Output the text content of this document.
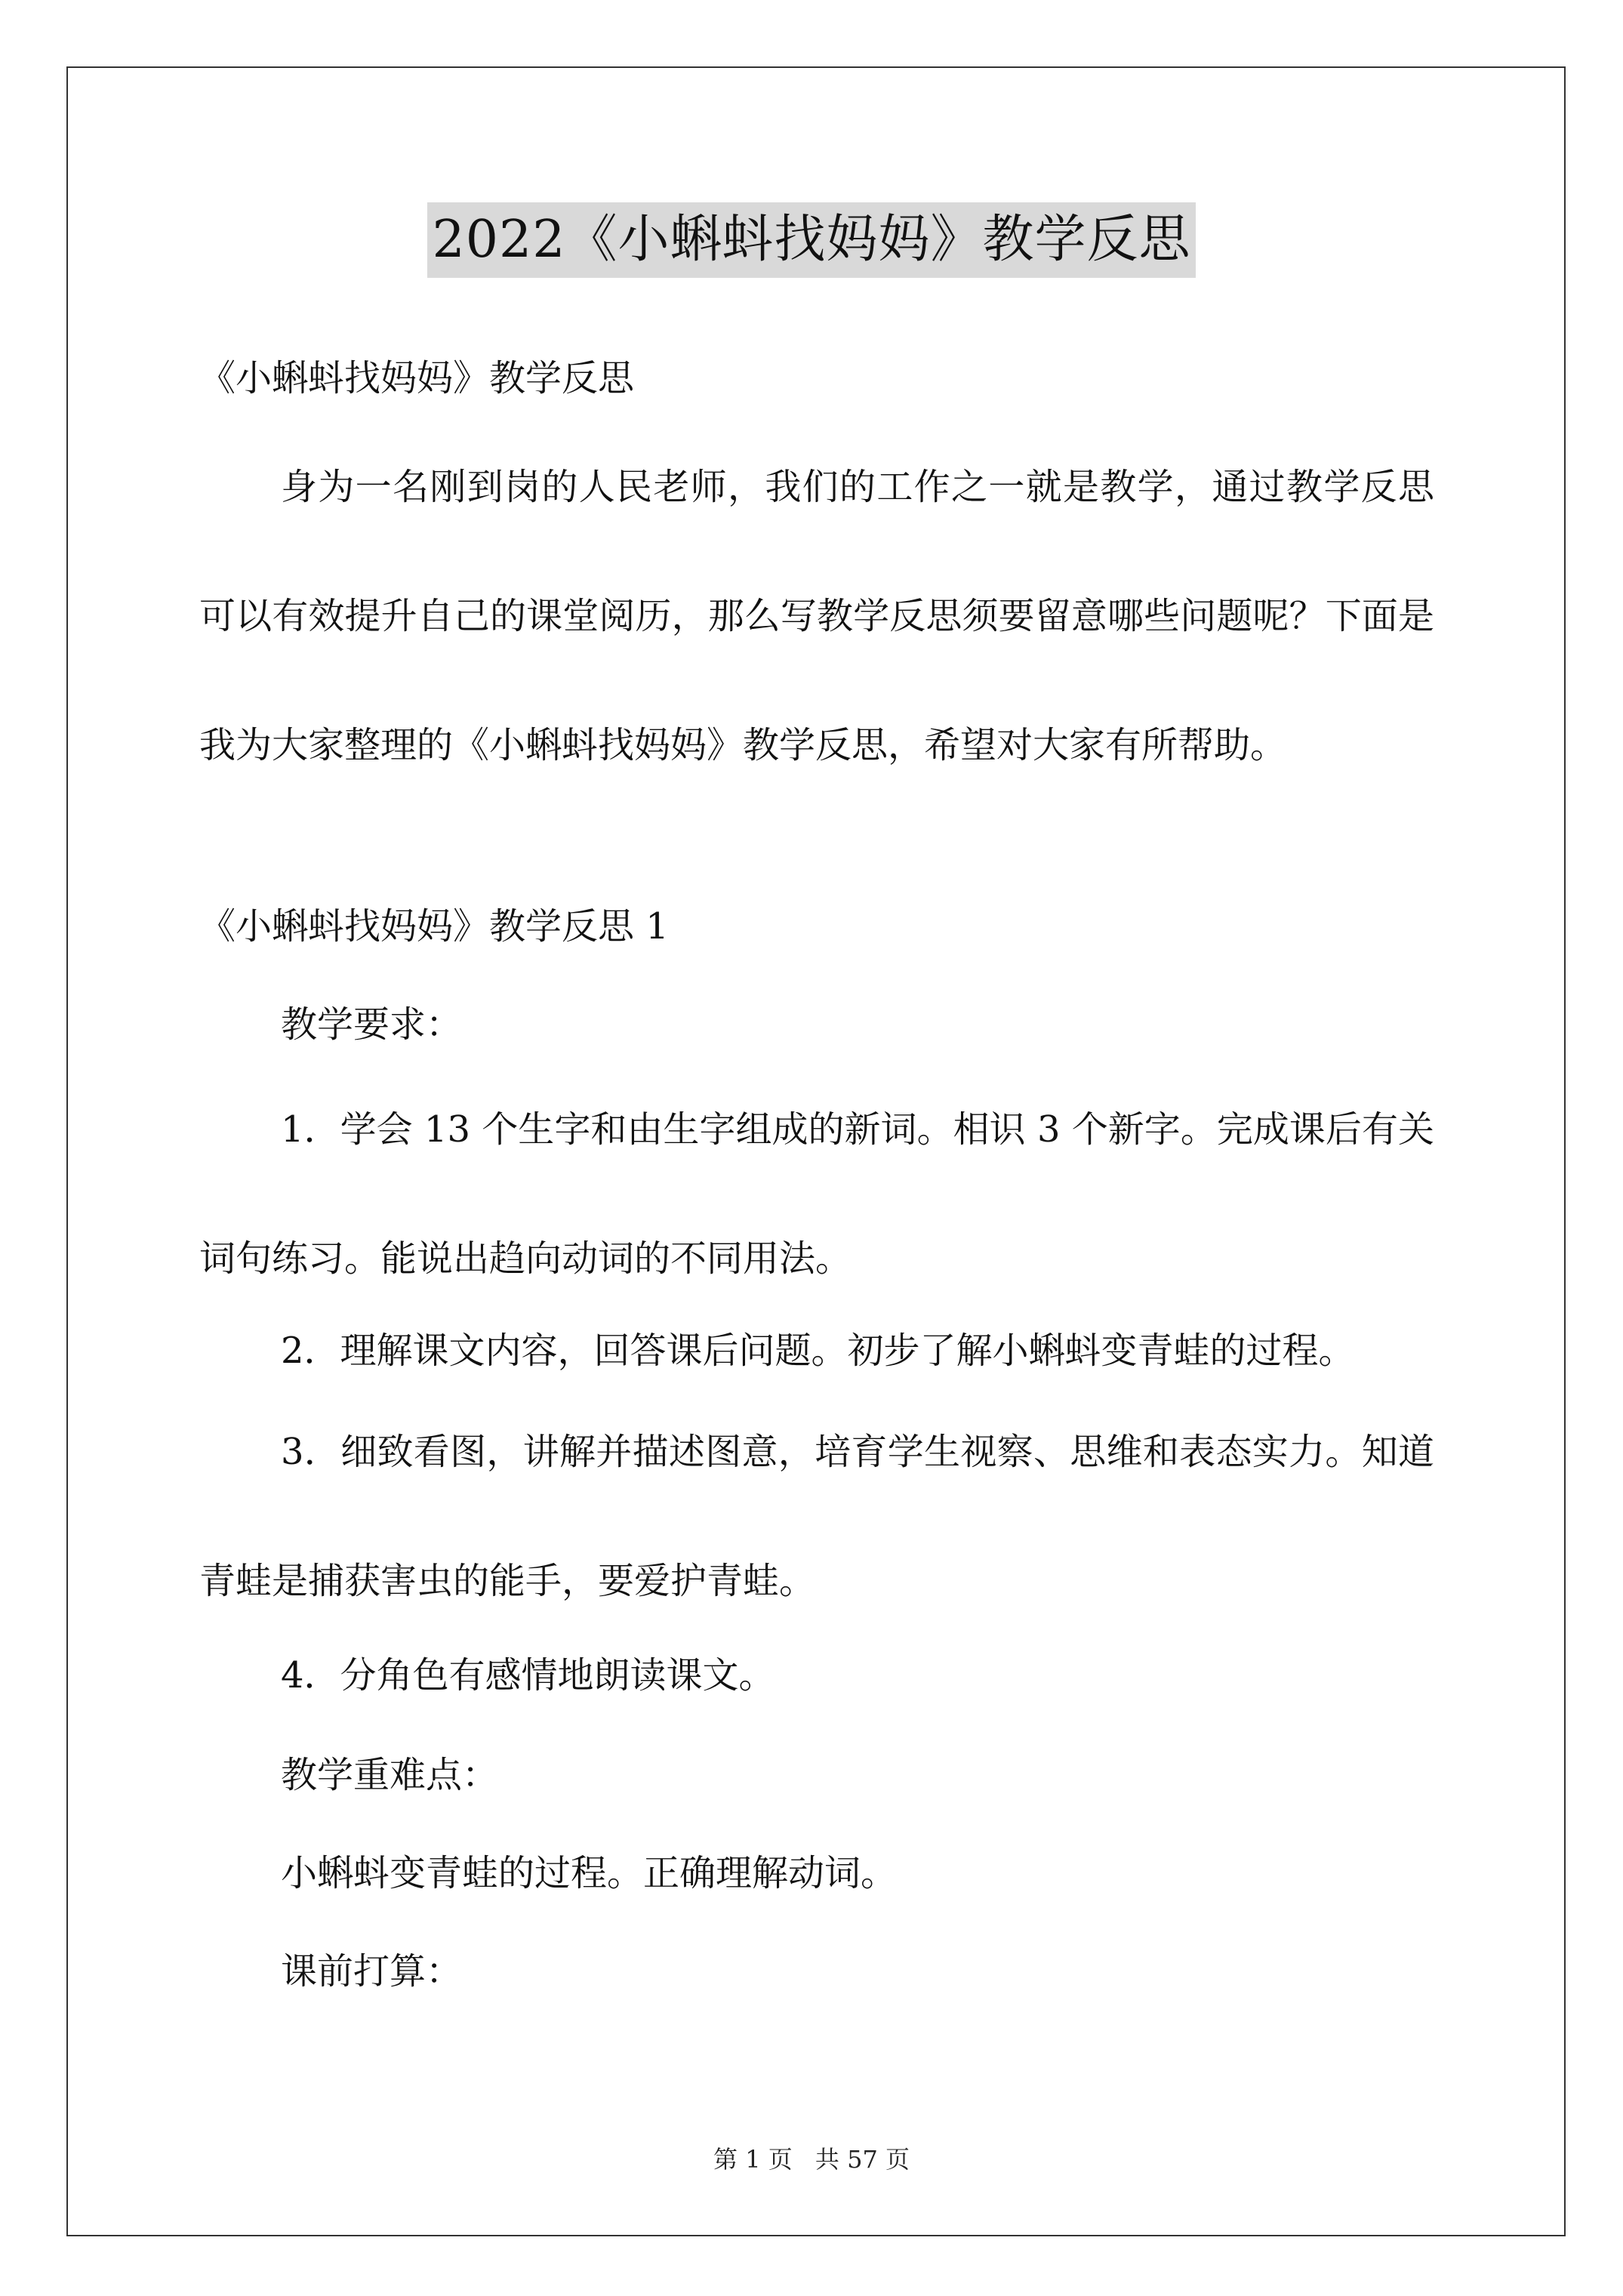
2022《小蝌蚪找妈妈》教学反思

《小蝌蚪找妈妈》教学反思

身为一名刚到岗的人民老师，我们的工作之一就是教学，通过教学反思可以有效提升自己的课堂阅历，那么写教学反思须要留意哪些问题呢？下面是我为大家整理的《小蝌蚪找妈妈》教学反思，希望对大家有所帮助。

《小蝌蚪找妈妈》教学反思 1

教学要求：

1．学会 13 个生字和由生字组成的新词。相识 3 个新字。完成课后有关词句练习。能说出趋向动词的不同用法。

2．理解课文内容，回答课后问题。初步了解小蝌蚪变青蛙的过程。

3．细致看图，讲解并描述图意，培育学生视察、思维和表态实力。知道青蛙是捕获害虫的能手，要爱护青蛙。

4．分角色有感情地朗读课文。

教学重难点：

小蝌蚪变青蛙的过程。正确理解动词。

课前打算：

第 1 页 共 57 页
